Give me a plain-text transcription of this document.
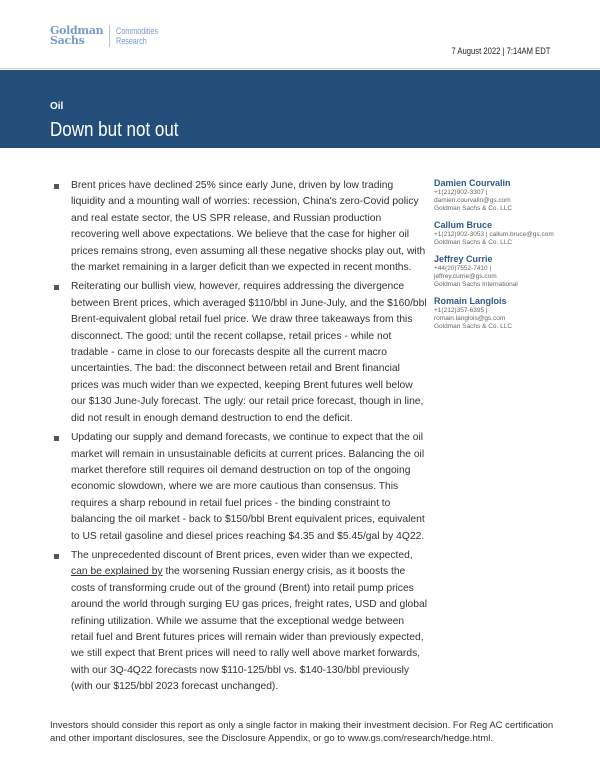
Goldman
Sachs
Commodities
Research
7 August 2022 | 7:14AM EDT
Oil
Down but not out

Brent prices have declined 25% since early June, driven by low trading liquidity and a mounting wall of worries: recession, China's zero-Covid policy and real estate sector, the US SPR release, and Russian production recovering well above expectations. We believe that the case for higher oil prices remains strong, even assuming all these negative shocks play out, with the market remaining in a larger deficit than we expected in recent months.

Reiterating our bullish view, however, requires addressing the divergence between Brent prices, which averaged $110/bbl in June-July, and the $160/bbl Brent-equivalent global retail fuel price. We draw three takeaways from this disconnect. The good: until the recent collapse, retail prices - while not tradable - came in close to our forecasts despite all the current macro uncertainties. The bad: the disconnect between retail and Brent financial prices was much wider than we expected, keeping Brent futures well below our $130 June-July forecast. The ugly: our retail price forecast, though in line, did not result in enough demand destruction to end the deficit.

Updating our supply and demand forecasts, we continue to expect that the oil market will remain in unsustainable deficits at current prices. Balancing the oil market therefore still requires oil demand destruction on top of the ongoing economic slowdown, where we are more cautious than consensus. This requires a sharp rebound in retail fuel prices - the binding constraint to balancing the oil market - back to $150/bbl Brent equivalent prices, equivalent to US retail gasoline and diesel prices reaching $4.35 and $5.45/gal by 4Q22.

The unprecedented discount of Brent prices, even wider than we expected, can be explained by the worsening Russian energy crisis, as it boosts the costs of transforming crude out of the ground (Brent) into retail pump prices around the world through surging EU gas prices, freight rates, USD and global refining utilization. While we assume that the exceptional wedge between retail fuel and Brent futures prices will remain wider than previously expected, we still expect that Brent prices will need to rally well above market forwards, with our 3Q-4Q22 forecasts now $110-125/bbl vs. $140-130/bbl previously (with our $125/bbl 2023 forecast unchanged).

Damien Courvalin
+1(212)902-3307 |
damien.courvalin@gs.com
Goldman Sachs & Co. LLC
Callum Bruce
+1(212)902-3053 | callum.bruce@gs.com
Goldman Sachs & Co. LLC
Jeffrey Currie
+44(20)7552-7410 |
jeffrey.currie@gs.com
Goldman Sachs International
Romain Langlois
+1(212)357-6395 |
romain.langlois@gs.com
Goldman Sachs & Co. LLC
Investors should consider this report as only a single factor in making their investment decision. For Reg AC certification and other important disclosures, see the Disclosure Appendix, or go to www.gs.com/research/hedge.html.
